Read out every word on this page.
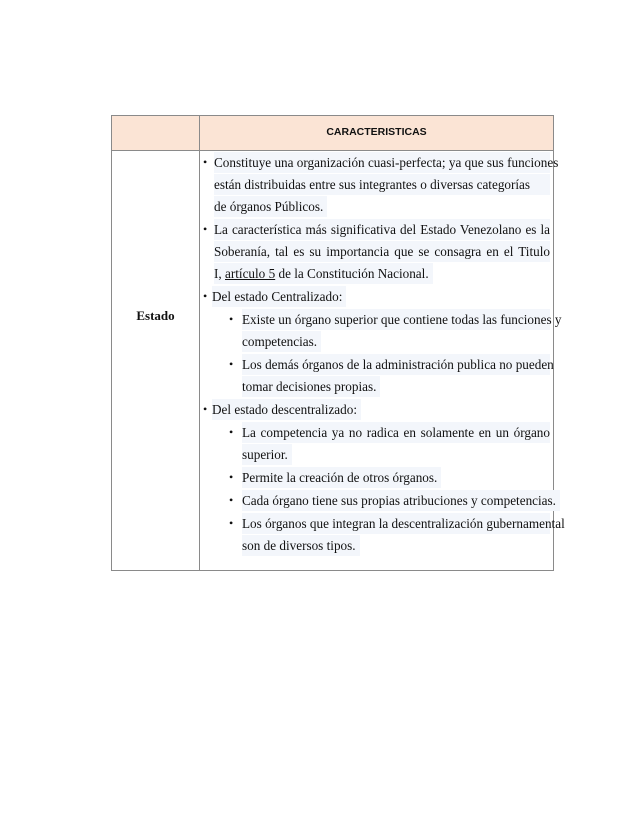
CARACTERISTICAS
Estado
• Constituye una organización cuasi-perfecta; ya que sus funciones
están distribuidas entre sus integrantes o diversas categorías
de órganos Públicos.
• La característica más significativa del Estado Venezolano es la
Soberanía, tal es su importancia que se consagra en el Titulo
I, artículo 5 de la Constitución Nacional.
• Del estado Centralizado:
• Existe un órgano superior que contiene todas las funciones y
competencias.
• Los demás órganos de la administración publica no pueden
tomar decisiones propias.
• Del estado descentralizado:
• La competencia ya no radica en solamente en un órgano
superior.
• Permite la creación de otros órganos.
• Cada órgano tiene sus propias atribuciones y competencias.
• Los órganos que integran la descentralización gubernamental
son de diversos tipos.
